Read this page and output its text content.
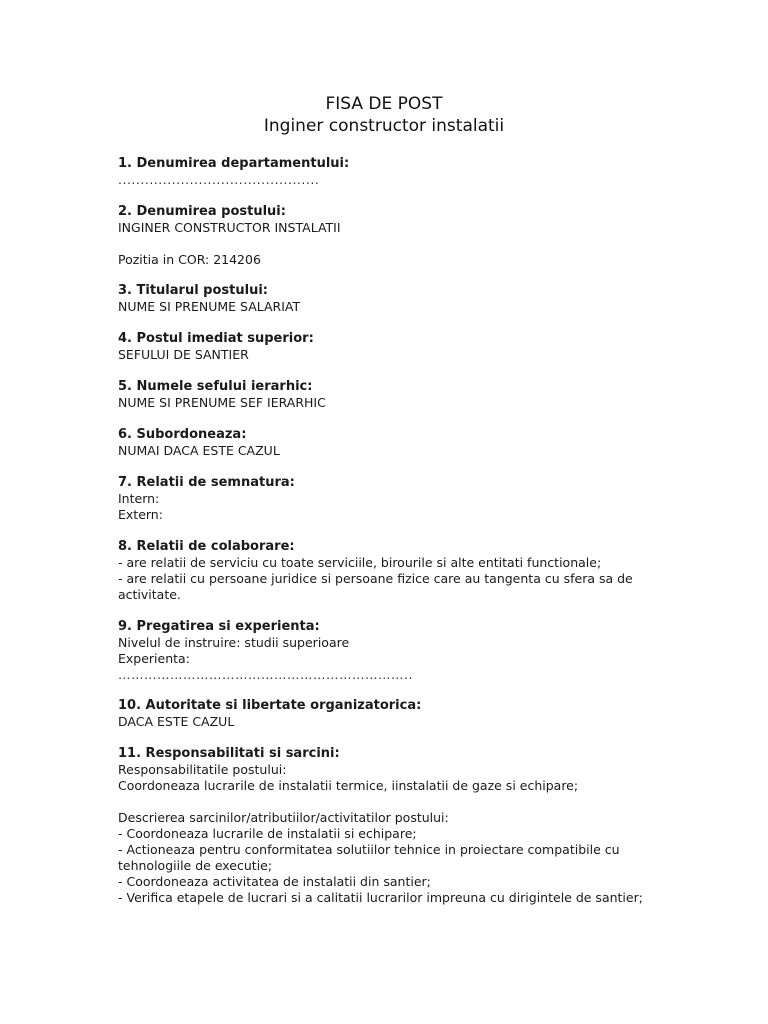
FISA DE POST
Inginer constructor instalatii
1. Denumirea departamentului:
.............................................
2. Denumirea postului:
INGINER CONSTRUCTOR INSTALATII
Pozitia in COR: 214206
3. Titularul postului:
NUME SI PRENUME SALARIAT
4. Postul imediat superior:
SEFULUI DE SANTIER
5. Numele sefului ierarhic:
NUME SI PRENUME SEF IERARHIC
6. Subordoneaza:
NUMAI DACA ESTE CAZUL
7. Relatii de semnatura:
Intern:
Extern:
8. Relatii de colaborare:
- are relatii de serviciu cu toate serviciile, birourile si alte entitati functionale;
- are relatii cu persoane juridice si persoane fizice care au tangenta cu sfera sa de activitate.
9. Pregatirea si experienta:
Nivelul de instruire: studii superioare
Experienta:
…………………………………………………………..
10. Autoritate si libertate organizatorica:
DACA ESTE CAZUL
11. Responsabilitati si sarcini:
Responsabilitatile postului:
Coordoneaza lucrarile de instalatii termice, iinstalatii de gaze si echipare;
Descrierea sarcinilor/atributiilor/activitatilor postului:
- Coordoneaza lucrarile de instalatii si echipare;
- Actioneaza pentru conformitatea solutiilor tehnice in proiectare compatibile cu tehnologiile de executie;
- Coordoneaza activitatea de instalatii din santier;
- Verifica etapele de lucrari si a calitatii lucrarilor impreuna cu dirigintele de santier;
